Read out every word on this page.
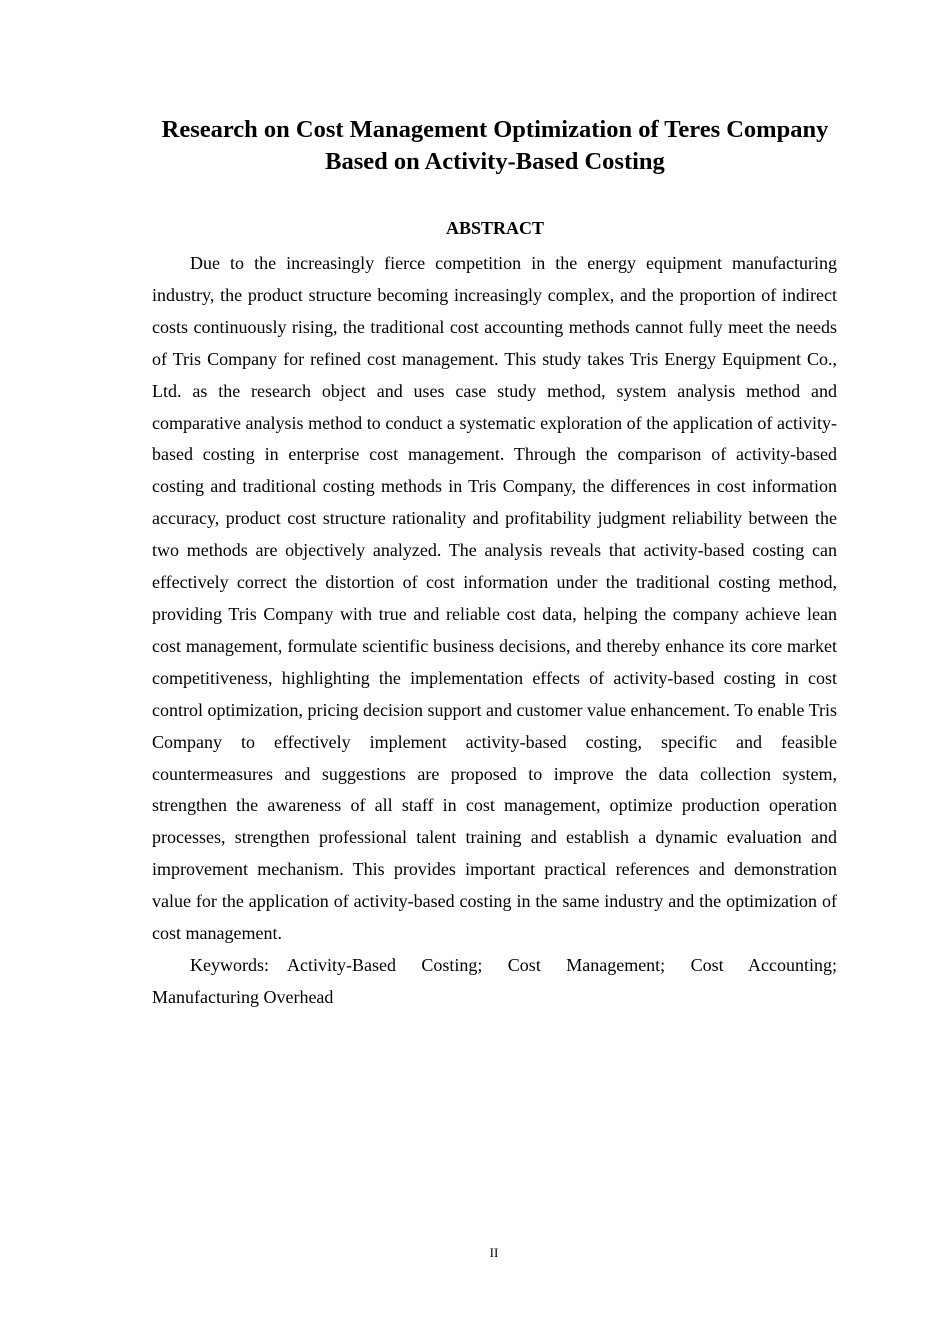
Research on Cost Management Optimization of Teres Company Based on Activity-Based Costing
ABSTRACT

Due to the increasingly fierce competition in the energy equipment manufacturing industry, the product structure becoming increasingly complex, and the proportion of indirect costs continuously rising, the traditional cost accounting methods cannot fully meet the needs of Tris Company for refined cost management. This study takes Tris Energy Equipment Co., Ltd. as the research object and uses case study method, system analysis method and comparative analysis method to conduct a systematic exploration of the application of activity-based costing in enterprise cost management. Through the comparison of activity-based costing and traditional costing methods in Tris Company, the differences in cost information accuracy, product cost structure rationality and profitability judgment reliability between the two methods are objectively analyzed. The analysis reveals that activity-based costing can effectively correct the distortion of cost information under the traditional costing method, providing Tris Company with true and reliable cost data, helping the company achieve lean cost management, formulate scientific business decisions, and thereby enhance its core market competitiveness, highlighting the implementation effects of activity-based costing in cost control optimization, pricing decision support and customer value enhancement. To enable Tris Company to effectively implement activity-based costing, specific and feasible countermeasures and suggestions are proposed to improve the data collection system, strengthen the awareness of all staff in cost management, optimize production operation processes, strengthen professional talent training and establish a dynamic evaluation and improvement mechanism. This provides important practical references and demonstration value for the application of activity-based costing in the same industry and the optimization of cost management.

Keywords: Activity-Based Costing; Cost Management; Cost Accounting; Manufacturing Overhead

II
